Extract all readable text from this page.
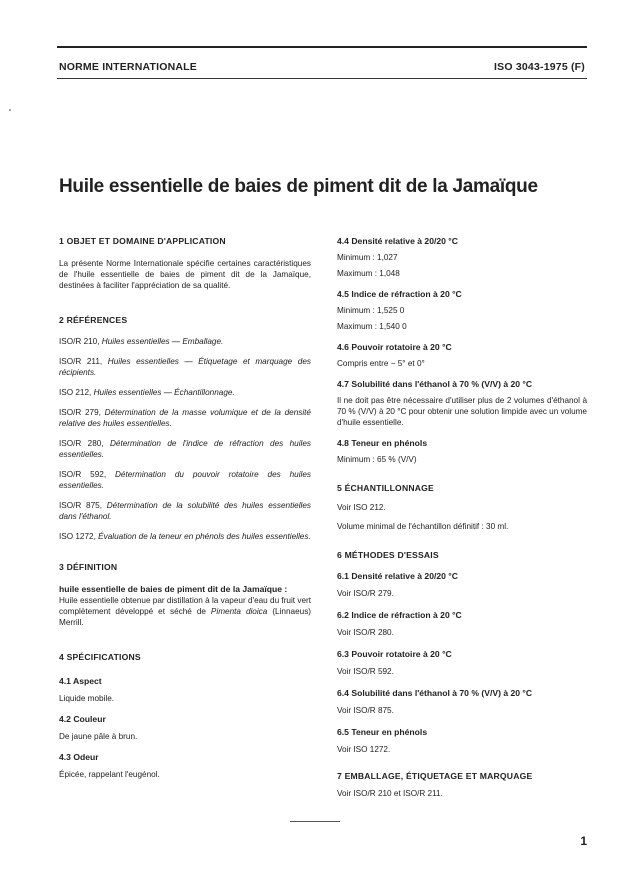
NORME INTERNATIONALE	ISO 3043-1975 (F)
Huile essentielle de baies de piment dit de la Jamaïque

1 OBJET ET DOMAINE D'APPLICATION

La présente Norme Internationale spécifie certaines caractéristiques de l'huile essentielle de baies de piment dit de la Jamaïque, destinées à faciliter l'appréciation de sa qualité.

2 RÉFÉRENCES

ISO/R 210, Huiles essentielles — Emballage.

ISO/R 211, Huiles essentielles — Étiquetage et marquage des récipients.

ISO 212, Huiles essentielles — Échantillonnage.

ISO/R 279, Détermination de la masse volumique et de la densité relative des huiles essentielles.

ISO/R 280, Détermination de l'indice de réfraction des huiles essentielles.

ISO/R 592, Détermination du pouvoir rotatoire des huiles essentielles.

ISO/R 875, Détermination de la solubilité des huiles essentielles dans l'éthanol.

ISO 1272, Évaluation de la teneur en phénols des huiles essentielles.

3 DÉFINITION

huile essentielle de baies de piment dit de la Jamaïque :

Huile essentielle obtenue par distillation à la vapeur d'eau du fruit vert complètement développé et séché de Pimenta dioica (Linnaeus) Merrill.

4 SPÉCIFICATIONS

4.1 Aspect

Liquide mobile.

4.2 Couleur

De jaune pâle à brun.

4.3 Odeur

Épicée, rappelant l'eugénol.

4.4 Densité relative à 20/20 °C

Minimum : 1,027

Maximum : 1,048

4.5 Indice de réfraction à 20 °C

Minimum : 1,525 0

Maximum : 1,540 0

4.6 Pouvoir rotatoire à 20 °C

Compris entre − 5° et 0°

4.7 Solubilité dans l'éthanol à 70 % (V/V) à 20 °C

Il ne doit pas être nécessaire d'utiliser plus de 2 volumes d'éthanol à 70 % (V/V) à 20 °C pour obtenir une solution limpide avec un volume d'huile essentielle.

4.8 Teneur en phénols

Minimum : 65 % (V/V)

5 ÉCHANTILLONNAGE

Voir ISO 212.

Volume minimal de l'échantillon définitif : 30 ml.

6 MÉTHODES D'ESSAIS

6.1 Densité relative à 20/20 °C

Voir ISO/R 279.

6.2 Indice de réfraction à 20 °C

Voir ISO/R 280.

6.3 Pouvoir rotatoire à 20 °C

Voir ISO/R 592.

6.4 Solubilité dans l'éthanol à 70 % (V/V) à 20 °C

Voir ISO/R 875.

6.5 Teneur en phénols

Voir ISO 1272.

7 EMBALLAGE, ÉTIQUETAGE ET MARQUAGE

Voir ISO/R 210 et ISO/R 211.

1
